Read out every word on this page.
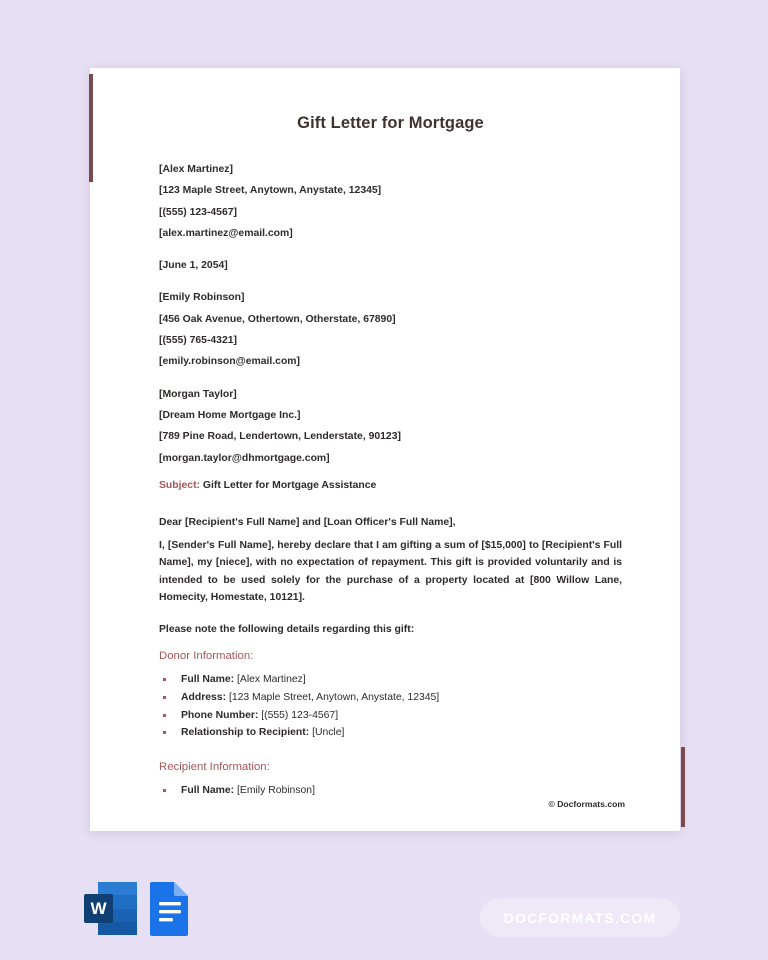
Gift Letter for Mortgage
[Alex Martinez]
[123 Maple Street, Anytown, Anystate, 12345]
[(555) 123-4567]
[alex.martinez@email.com]
[June 1, 2054]
[Emily Robinson]
[456 Oak Avenue, Othertown, Otherstate, 67890]
[(555) 765-4321]
[emily.robinson@email.com]
[Morgan Taylor]
[Dream Home Mortgage Inc.]
[789 Pine Road, Lendertown, Lenderstate, 90123]
[morgan.taylor@dhmortgage.com]
Subject: Gift Letter for Mortgage Assistance
Dear [Recipient's Full Name] and [Loan Officer's Full Name],
I, [Sender's Full Name], hereby declare that I am gifting a sum of [$15,000] to [Recipient's Full Name], my [niece], with no expectation of repayment. This gift is provided voluntarily and is intended to be used solely for the purchase of a property located at [800 Willow Lane, Homecity, Homestate, 10121].
Please note the following details regarding this gift:
Donor Information:
Full Name: [Alex Martinez]
Address: [123 Maple Street, Anytown, Anystate, 12345]
Phone Number: [(555) 123-4567]
Relationship to Recipient: [Uncle]
Recipient Information:
Full Name: [Emily Robinson]
© Docformats.com
W	DOCFORMATS.COM
